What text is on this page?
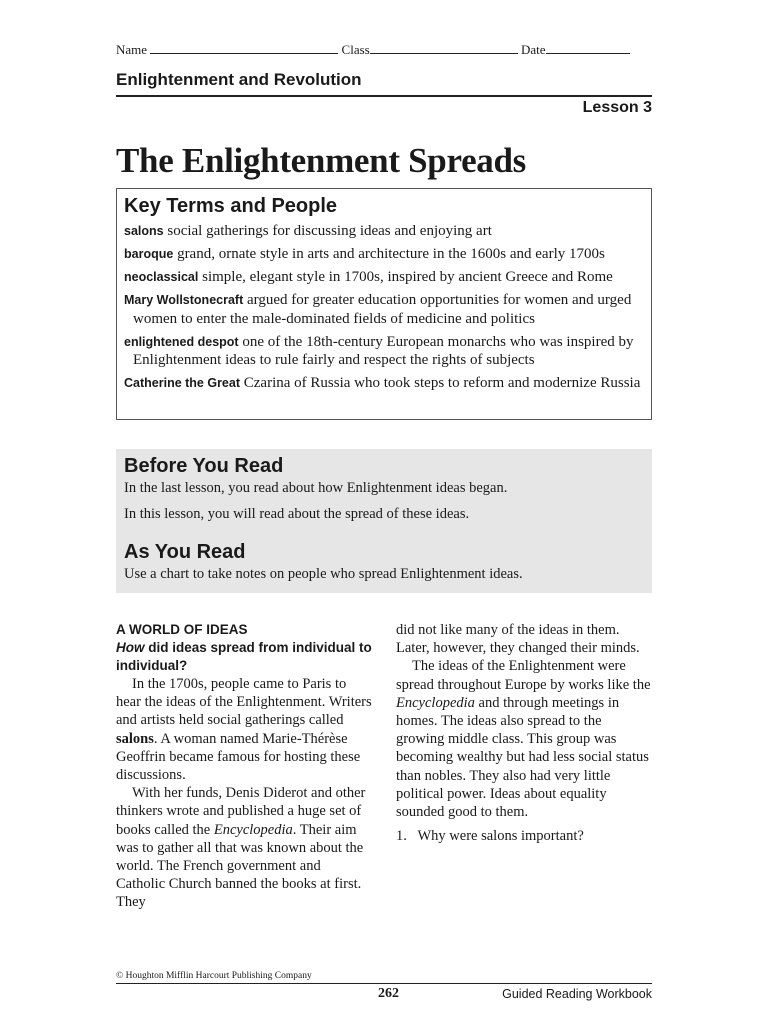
Name	Class	Date
Enlightenment and Revolution
Lesson 3
The Enlightenment Spreads
Key Terms and People

salons social gatherings for discussing ideas and enjoying art

baroque grand, ornate style in arts and architecture in the 1600s and early 1700s

neoclassical simple, elegant style in 1700s, inspired by ancient Greece and Rome

Mary Wollstonecraft argued for greater education opportunities for women and urged women to enter the male-dominated fields of medicine and politics

enlightened despot one of the 18th-century European monarchs who was inspired by Enlightenment ideas to rule fairly and respect the rights of subjects

Catherine the Great Czarina of Russia who took steps to reform and modernize Russia

Before You Read

In the last lesson, you read about how Enlightenment ideas began.

In this lesson, you will read about the spread of these ideas.

As You Read

Use a chart to take notes on people who spread Enlightenment ideas.

A WORLD OF IDEAS
How did ideas spread from individual to individual?

In the 1700s, people came to Paris to hear the ideas of the Enlightenment. Writers and artists held social gatherings called salons. A woman named Marie-Thérèse Geoffrin became famous for hosting these discussions.

With her funds, Denis Diderot and other thinkers wrote and published a huge set of books called the Encyclopedia. Their aim was to gather all that was known about the world. The French government and Catholic Church banned the books at first. They

did not like many of the ideas in them. Later, however, they changed their minds.

The ideas of the Enlightenment were spread throughout Europe by works like the Encyclopedia and through meetings in homes. The ideas also spread to the growing middle class. This group was becoming wealthy but had less social status than nobles. They also had very little political power. Ideas about equality sounded good to them.

1.   Why were salons important?

© Houghton Mifflin Harcourt Publishing Company
262	Guided Reading Workbook
